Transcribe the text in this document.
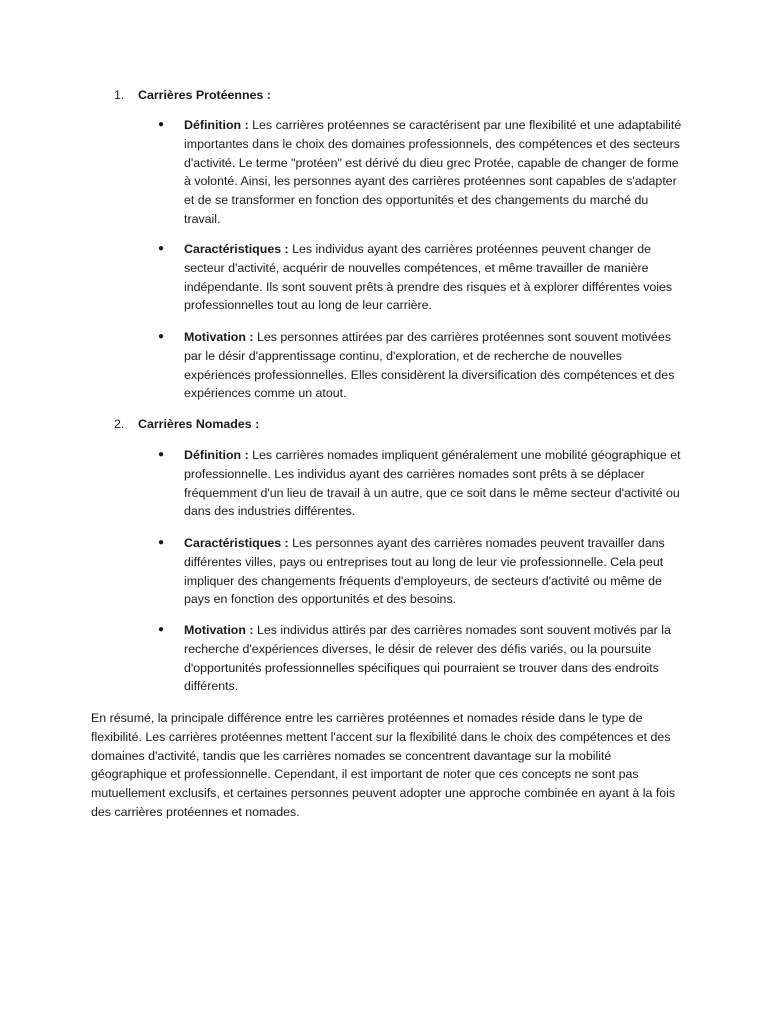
1. Carrières Protéennes :
●	Définition : Les carrières protéennes se caractérisent par une flexibilité et une adaptabilité importantes dans le choix des domaines professionnels, des compétences et des secteurs d'activité. Le terme "protéen" est dérivé du dieu grec Protée, capable de changer de forme à volonté. Ainsi, les personnes ayant des carrières protéennes sont capables de s'adapter et de se transformer en fonction des opportunités et des changements du marché du travail.
●	Caractéristiques : Les individus ayant des carrières protéennes peuvent changer de secteur d'activité, acquérir de nouvelles compétences, et même travailler de manière indépendante. Ils sont souvent prêts à prendre des risques et à explorer différentes voies professionnelles tout au long de leur carrière.
●	Motivation : Les personnes attirées par des carrières protéennes sont souvent motivées par le désir d'apprentissage continu, d'exploration, et de recherche de nouvelles expériences professionnelles. Elles considèrent la diversification des compétences et des expériences comme un atout.
2. Carrières Nomades :
●	Définition : Les carrières nomades impliquent généralement une mobilité géographique et professionnelle. Les individus ayant des carrières nomades sont prêts à se déplacer fréquemment d'un lieu de travail à un autre, que ce soit dans le même secteur d'activité ou dans des industries différentes.
●	Caractéristiques : Les personnes ayant des carrières nomades peuvent travailler dans différentes villes, pays ou entreprises tout au long de leur vie professionnelle. Cela peut impliquer des changements fréquents d'employeurs, de secteurs d'activité ou même de pays en fonction des opportunités et des besoins.
●	Motivation : Les individus attirés par des carrières nomades sont souvent motivés par la recherche d'expériences diverses, le désir de relever des défis variés, ou la poursuite d'opportunités professionnelles spécifiques qui pourraient se trouver dans des endroits différents.
En résumé, la principale différence entre les carrières protéennes et nomades réside dans le type de flexibilité. Les carrières protéennes mettent l'accent sur la flexibilité dans le choix des compétences et des domaines d'activité, tandis que les carrières nomades se concentrent davantage sur la mobilité géographique et professionnelle. Cependant, il est important de noter que ces concepts ne sont pas mutuellement exclusifs, et certaines personnes peuvent adopter une approche combinée en ayant à la fois des carrières protéennes et nomades.
